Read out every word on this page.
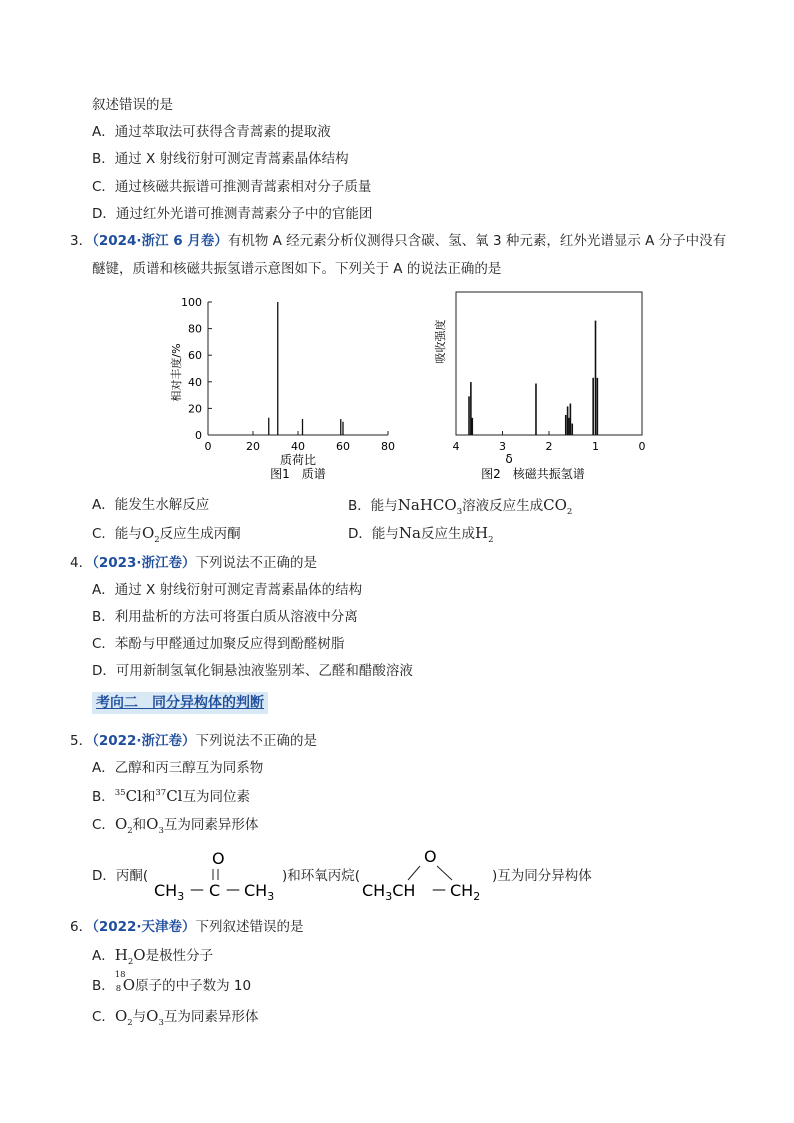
叙述错误的是
A．通过萃取法可获得含青蒿素的提取液
B．通过 X 射线衍射可测定青蒿素晶体结构
C．通过核磁共振谱可推测青蒿素相对分子质量
D．通过红外光谱可推测青蒿素分子中的官能团
3．（2024·浙江 6 月卷）有机物 A 经元素分析仪测得只含碳、氢、氧 3 种元素，红外光谱显示 A 分子中没有
醚键，质谱和核磁共振氢谱示意图如下。下列关于 A 的说法正确的是
0
20
40
60
80
100
0	20	40	60	80
质荷比
图1　质谱
相对丰度/%
4	3	2	1	0
δ
图2　核磁共振氢谱
吸收强度
A．能发生水解反应	B．能与NaHCO$_3$溶液反应生成$CO_2$
C．能与$O_2$反应生成丙酮	D．能与Na反应生成$H_2$
4．（2023·浙江卷）下列说法不正确的是
A．通过 X 射线衍射可测定青蒿素晶体的结构
B．利用盐析的方法可将蛋白质从溶液中分离
C．苯酚与甲醛通过加聚反应得到酚醛树脂
D．可用新制氢氧化铜悬浊液鉴别苯、乙醛和醋酸溶液
考向二　同分异构体的判断
5．（2022·浙江卷）下列说法不正确的是
A．乙醇和丙三醇互为同系物
B．$^{35}$Cl和$^{37}$Cl互为同位素
C．$O_2$和$O_3$互为同素异形体
D．丙酮(
O
$CH_3$ — C — $CH_3$
)和环氧丙烷(
O
$CH_3CH$ — $CH_2$
)互为同分异构体
6．（2022·天津卷）下列叙述错误的是
A．$H_2O$是极性分子
B．
18
8 O原子的中子数为 10
C．$O_2$与$O_3$互为同素异形体
